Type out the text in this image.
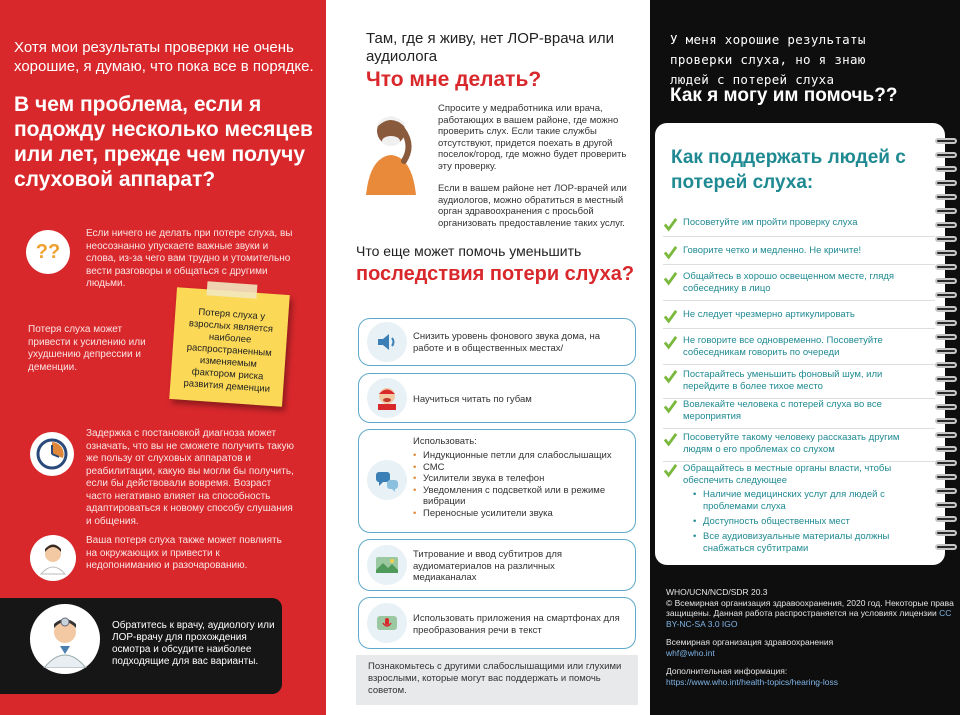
Хотя мои результаты проверки не очень хорошие, я думаю, что пока все в порядке.
В чем проблема, если я подожду несколько месяцев или лет, прежде чем получу слуховой аппарат?
??
Если ничего не делать при потере слуха, вы неосознанно упускаете важные звуки и слова, из-за чего вам трудно и утомительно вести разговоры и общаться с другими людьми.
Потеря слуха может привести к усилению или ухудшению депрессии и деменции.
Потеря слуха у взрослых является наиболее распространенным изменяемым фактором риска развития деменции
Задержка с постановкой диагноза может означать, что вы не сможете получить такую же пользу от слуховых аппаратов и реабилитации, какую вы могли бы получить, если бы действовали вовремя. Возраст часто негативно влияет на способность адаптироваться к новому способу слушания и общения.
Ваша потеря слуха также может повлиять на окружающих и привести к недопониманию и разочарованию.
Обратитесь к врачу, аудиологу или ЛОР-врачу для прохождения осмотра и обсудите наиболее подходящие для вас варианты.
Там, где я живу, нет ЛОР-врача или аудиолога
Что мне делать?
Спросите у медработника или врача, работающих в вашем районе, где можно проверить слух. Если такие службы отсутствуют, придется поехать в другой поселок/город, где можно будет проверить эту проверку.
Если в вашем районе нет ЛОР-врачей или аудиологов, можно обратиться в местный орган здравоохранения с просьбой организовать предоставление таких услуг.
Что еще может помочь уменьшить
последствия потери слуха?
Снизить уровень фонового звука дома, на работе и в общественных местах/
Научиться читать по губам
Использовать:
• Индукционные петли для слабослышащих
• СМС
• Усилители звука в телефон
• Уведомления с подсветкой или в режиме вибрации
• Переносные усилители звука
Титрование и ввод субтитров для аудиоматериалов на различных медиаканалах
Использовать приложения на смартфонах для преобразования речи в текст
Познакомьтесь с другими слабослышащими или глухими взрослыми, которые могут вас поддержать и помочь советом.
У меня хорошие результаты проверки слуха, но я знаю людей с потерей слуха
Как я могу им помочь??
Как поддержать людей с потерей слуха:
Посоветуйте им пройти проверку слуха
Говорите четко и медленно. Не кричите!
Общайтесь в хорошо освещенном месте, глядя собеседнику в лицо
Не следует чрезмерно артикулировать
Не говорите все одновременно. Посоветуйте собеседникам говорить по очереди
Постарайтесь уменьшить фоновый шум, или перейдите в более тихое место
Вовлекайте человека с потерей слуха во все мероприятия
Посоветуйте такому человеку рассказать другим людям о его проблемах со слухом
Обращайтесь в местные органы власти, чтобы обеспечить следующее
• Наличие медицинских услуг для людей с проблемами слуха
• Доступность общественных мест
• Все аудиовизуальные материалы должны снабжаться субтитрами
WHO/UCN/NCD/SDR 20.3
© Всемирная организация здравоохранения, 2020 год. Некоторые права защищены. Данная работа распространяется на условиях лицензии CC BY-NC-SA 3.0 IGO
Всемирная организация здравоохранения
whf@who.int
Дополнительная информация:
https://www.who.int/health-topics/hearing-loss
